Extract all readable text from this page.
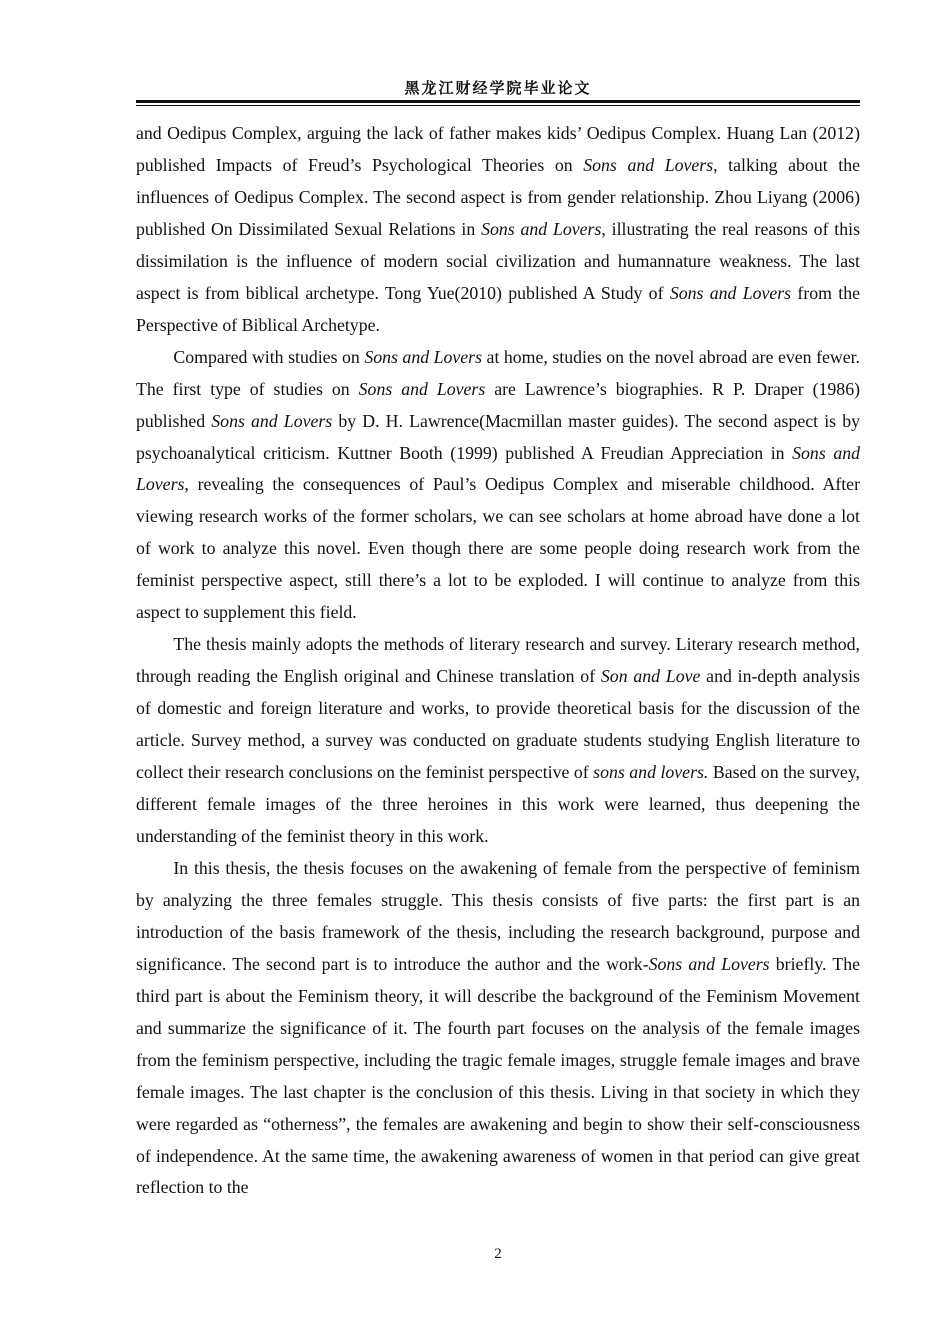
黑龙江财经学院毕业论文

and Oedipus Complex, arguing the lack of father makes kids’ Oedipus Complex. Huang Lan (2012) published Impacts of Freud’s Psychological Theories on Sons and Lovers, talking about the influences of Oedipus Complex. The second aspect is from gender relationship. Zhou Liyang (2006) published On Dissimilated Sexual Relations in Sons and Lovers, illustrating the real reasons of this dissimilation is the influence of modern social civilization and humannature weakness. The last aspect is from biblical archetype. Tong Yue(2010) published A Study of Sons and Lovers from the Perspective of Biblical Archetype.

Compared with studies on Sons and Lovers at home, studies on the novel abroad are even fewer. The first type of studies on Sons and Lovers are Lawrence’s biographies. R P. Draper (1986) published Sons and Lovers by D. H. Lawrence(Macmillan master guides). The second aspect is by psychoanalytical criticism. Kuttner Booth (1999) published A Freudian Appreciation in Sons and Lovers, revealing the consequences of Paul’s Oedipus Complex and miserable childhood. After viewing research works of the former scholars, we can see scholars at home abroad have done a lot of work to analyze this novel. Even though there are some people doing research work from the feminist perspective aspect, still there’s a lot to be exploded. I will continue to analyze from this aspect to supplement this field.

The thesis mainly adopts the methods of literary research and survey. Literary research method, through reading the English original and Chinese translation of Son and Love and in-depth analysis of domestic and foreign literature and works, to provide theoretical basis for the discussion of the article. Survey method, a survey was conducted on graduate students studying English literature to collect their research conclusions on the feminist perspective of sons and lovers. Based on the survey, different female images of the three heroines in this work were learned, thus deepening the understanding of the feminist theory in this work.

In this thesis, the thesis focuses on the awakening of female from the perspective of feminism by analyzing the three females struggle. This thesis consists of five parts: the first part is an introduction of the basis framework of the thesis, including the research background, purpose and significance. The second part is to introduce the author and the work-Sons and Lovers briefly. The third part is about the Feminism theory, it will describe the background of the Feminism Movement and summarize the significance of it. The fourth part focuses on the analysis of the female images from the feminism perspective, including the tragic female images, struggle female images and brave female images. The last chapter is the conclusion of this thesis. Living in that society in which they were regarded as “otherness”, the females are awakening and begin to show their self-consciousness of independence. At the same time, the awakening awareness of women in that period can give great reflection to the

2
